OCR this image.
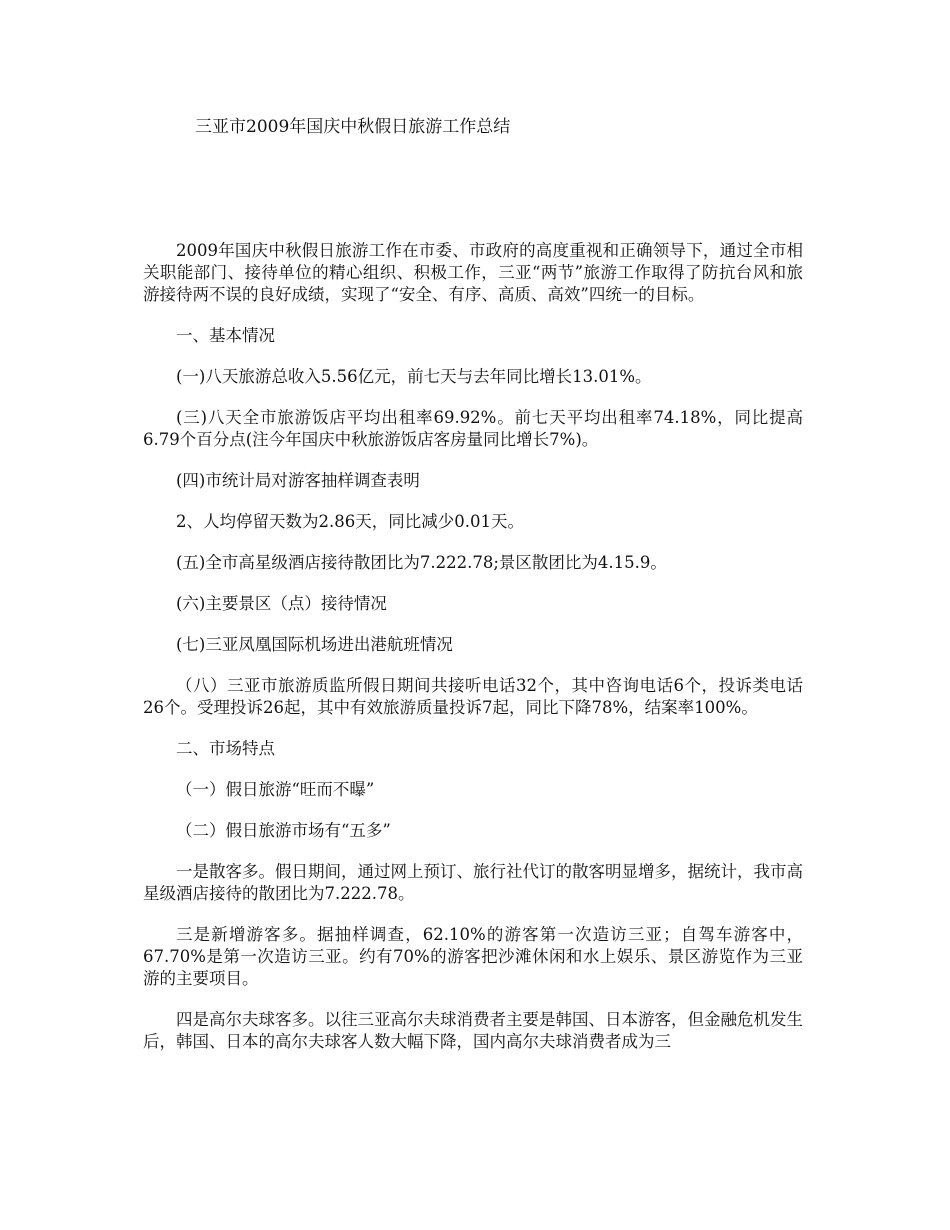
三亚市2009年国庆中秋假日旅游工作总结

2009年国庆中秋假日旅游工作在市委、市政府的高度重视和正确领导下，通过全市相关职能部门、接待单位的精心组织、积极工作，三亚“两节”旅游工作取得了防抗台风和旅游接待两不误的良好成绩，实现了“安全、有序、高质、高效”四统一的目标。

一、基本情况

(一)八天旅游总收入5.56亿元，前七天与去年同比增长13.01%。

(三)八天全市旅游饭店平均出租率69.92%。前七天平均出租率74.18%，同比提高6.79个百分点(注今年国庆中秋旅游饭店客房量同比增长7%)。

(四)市统计局对游客抽样调查表明

2、人均停留天数为2.86天，同比减少0.01天。

(五)全市高星级酒店接待散团比为7.222.78;景区散团比为4.15.9。

(六)主要景区（点）接待情况

(七)三亚凤凰国际机场进出港航班情况

（八）三亚市旅游质监所假日期间共接听电话32个，其中咨询电话6个，投诉类电话26个。受理投诉26起，其中有效旅游质量投诉7起，同比下降78%，结案率100%。

二、市场特点

（一）假日旅游“旺而不曝”

（二）假日旅游市场有“五多”

一是散客多。假日期间，通过网上预订、旅行社代订的散客明显增多，据统计，我市高星级酒店接待的散团比为7.222.78。

三是新增游客多。据抽样调查，62.10%的游客第一次造访三亚；自驾车游客中，67.70%是第一次造访三亚。约有70%的游客把沙滩休闲和水上娱乐、景区游览作为三亚游的主要项目。

四是高尔夫球客多。以往三亚高尔夫球消费者主要是韩国、日本游客，但金融危机发生后，韩国、日本的高尔夫球客人数大幅下降，国内高尔夫球消费者成为三
